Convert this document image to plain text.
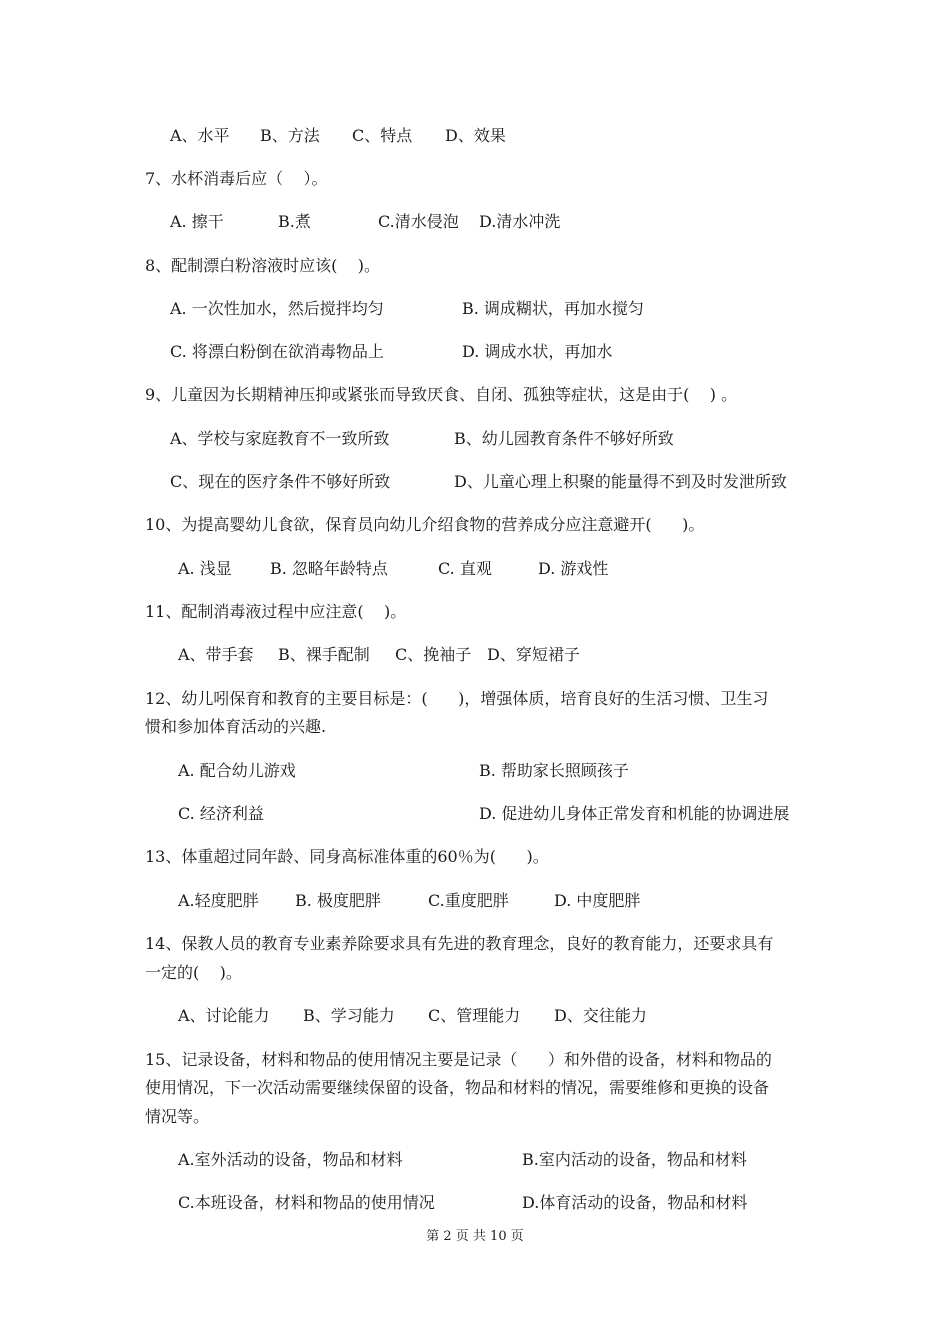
A、水平 B、方法 C、特点 D、效果
7、水杯消毒后应（    ）。
A. 擦干	B.煮	C.清水侵泡 D.清水冲洗
8、配制漂白粉溶液时应该(    )。
A. 一次性加水，然后搅拌均匀	B. 调成糊状，再加水搅匀
C. 将漂白粉倒在欲消毒物品上	D. 调成水状，再加水
9、儿童因为长期精神压抑或紧张而导致厌食、自闭、孤独等症状，这是由于(    ) 。
A、学校与家庭教育不一致所致	B、幼儿园教育条件不够好所致
C、现在的医疗条件不够好所致	D、儿童心理上积聚的能量得不到及时发泄所致
10、为提高婴幼儿食欲，保育员向幼儿介绍食物的营养成分应注意避开(      )。
A. 浅显 B. 忽略年龄特点	C. 直观	D. 游戏性
11、配制消毒液过程中应注意(    )。
A、带手套 B、裸手配制 C、挽袖子 D、穿短裙子
12、幼儿吲保育和教育的主要目标是：(      )，增强体质，培育良好的生活习惯、卫生习
惯和参加体育活动的兴趣.
A. 配合幼儿游戏	B. 帮助家长照顾孩子
C. 经济利益	D. 促进幼儿身体正常发育和机能的协调进展
13、体重超过同年龄、同身高标准体重的60％为(      )。
A.轻度肥胖 B. 极度肥胖	C.重度肥胖	D. 中度肥胖
14、保教人员的教育专业素养除要求具有先进的教育理念，良好的教育能力，还要求具有
一定的(    )。
A、讨论能力 B、学习能力 C、管理能力 D、交往能力
15、记录设备，材料和物品的使用情况主要是记录（      ）和外借的设备，材料和物品的
使用情况，下一次活动需要继续保留的设备，物品和材料的情况，需要维修和更换的设备
情况等。
A.室外活动的设备，物品和材料	B.室内活动的设备，物品和材料
C.本班设备，材料和物品的使用情况	D.体育活动的设备，物品和材料
第 2 页 共 10 页
